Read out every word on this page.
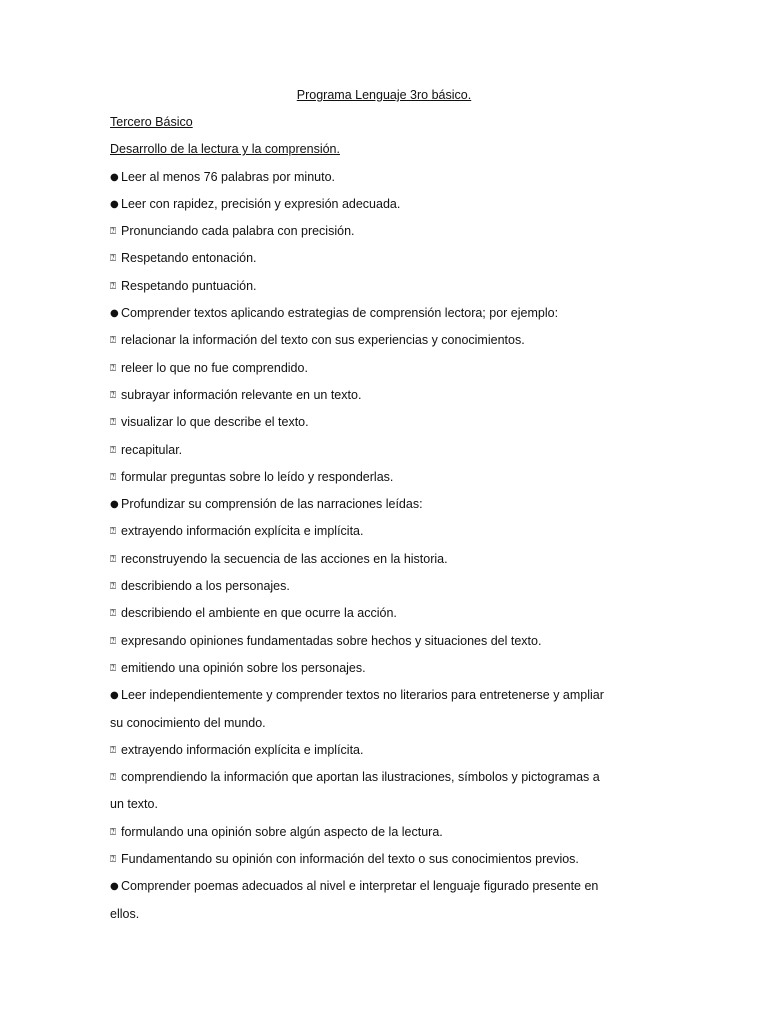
Programa Lenguaje 3ro básico.
Tercero Básico
Desarrollo de la lectura y la comprensión.
● Leer al menos 76 palabras por minuto.
● Leer con rapidez, precisión y expresión adecuada.
⍰ Pronunciando cada palabra con precisión.
⍰ Respetando entonación.
⍰ Respetando puntuación.
● Comprender textos aplicando estrategias de comprensión lectora; por ejemplo:
⍰ relacionar la información del texto con sus experiencias y conocimientos.
⍰ releer lo que no fue comprendido.
⍰ subrayar información relevante en un texto.
⍰ visualizar lo que describe el texto.
⍰ recapitular.
⍰ formular preguntas sobre lo leído y responderlas.
● Profundizar su comprensión de las narraciones leídas:
⍰ extrayendo información explícita e implícita.
⍰ reconstruyendo la secuencia de las acciones en la historia.
⍰ describiendo a los personajes.
⍰ describiendo el ambiente en que ocurre la acción.
⍰ expresando opiniones fundamentadas sobre hechos y situaciones del texto.
⍰ emitiendo una opinión sobre los personajes.
● Leer independientemente y comprender textos no literarios para entretenerse y ampliar
su conocimiento del mundo.
⍰ extrayendo información explícita e implícita.
⍰ comprendiendo la información que aportan las ilustraciones, símbolos y pictogramas a
un texto.
⍰ formulando una opinión sobre algún aspecto de la lectura.
⍰ Fundamentando su opinión con información del texto o sus conocimientos previos.
● Comprender poemas adecuados al nivel e interpretar el lenguaje figurado presente en
ellos.
